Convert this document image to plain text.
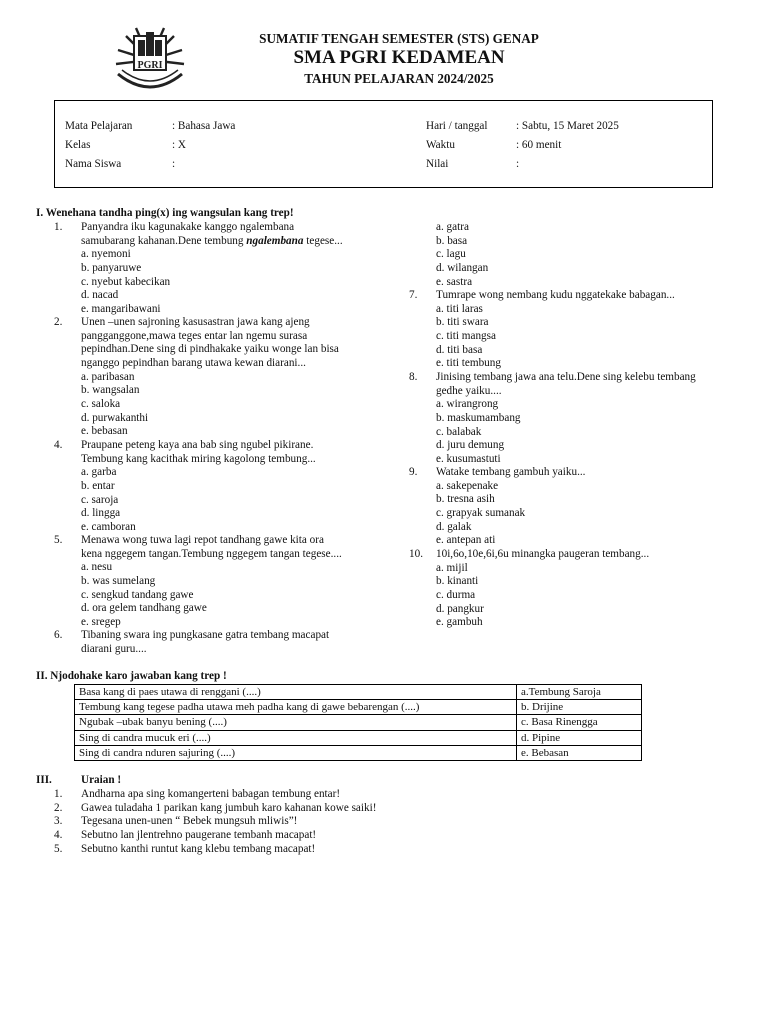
PGRI
SUMATIF TENGAH SEMESTER (STS) GENAP
SMA PGRI KEDAMEAN
TAHUN PELAJARAN 2024/2025
Mata Pelajaran	: Bahasa Jawa	Hari / tanggal	: Sabtu, 15 Maret 2025
Kelas	: X	Waktu	: 60 menit
Nama Siswa	:	Nilai	:
I. Wenehana tandha ping(x) ing wangsulan kang trep!
1. Panyandra iku kagunakake kanggo ngalembana
samubarang kahanan.Dene tembung ngalembana tegese...
a. nyemoni
b. panyaruwe
c. nyebut kabecikan
d. nacad
e. mangaribawani
2. Unen –unen sajroning kasusastran jawa kang ajeng
pangganggone,mawa teges entar lan ngemu surasa
pepindhan.Dene sing di pindhakake yaiku wonge lan bisa
nganggo pepindhan barang utawa kewan diarani...
a. paribasan
b. wangsalan
c. saloka
d. purwakanthi
e. bebasan
4. Praupane peteng kaya ana bab sing ngubel pikirane.
Tembung kang kacithak miring kagolong tembung...
a. garba
b. entar
c. saroja
d. lingga
e. camboran
5. Menawa wong tuwa lagi repot tandhang gawe kita ora
kena nggegem tangan.Tembung nggegem tangan tegese....
a. nesu
b. was sumelang
c. sengkud tandang gawe
d. ora gelem tandhang gawe
e. sregep
6. Tibaning swara ing pungkasane gatra tembang macapat
diarani guru....
a. gatra
b. basa
c. lagu
d. wilangan
e. sastra
7. Tumrape wong nembang kudu nggatekake babagan...
a. titi laras
b. titi swara
c. titi mangsa
d. titi basa
e. titi tembung
8. Jinising tembang jawa ana telu.Dene sing kelebu tembang
gedhe yaiku....
a. wirangrong
b. maskumambang
c. balabak
d. juru demung
e. kusumastuti
9. Watake tembang gambuh yaiku...
a. sakepenake
b. tresna asih
c. grapyak sumanak
d. galak
e. antepan ati
10. 10i,6o,10e,6i,6u minangka paugeran tembang...
a. mijil
b. kinanti
c. durma
d. pangkur
e. gambuh
II. Njodohake karo jawaban kang trep !
Basa kang di paes utawa di renggani (....)	a.Tembung Saroja
Tembung kang tegese padha utawa meh padha kang di gawe bebarengan (....)	b. Drijine
Ngubak –ubak banyu bening (....)	c. Basa Rinengga
Sing di candra mucuk eri (....)	d. Pipine
Sing di candra nduren sajuring (....)	e. Bebasan
III.	Uraian !
1. Andharna apa sing komangerteni babagan tembung entar!
2. Gawea tuladaha 1 parikan kang jumbuh karo kahanan kowe saiki!
3. Tegesana unen-unen “ Bebek mungsuh mliwis”!
4. Sebutno lan jlentrehno paugerane tembanh macapat!
5. Sebutno kanthi runtut kang klebu tembang macapat!
